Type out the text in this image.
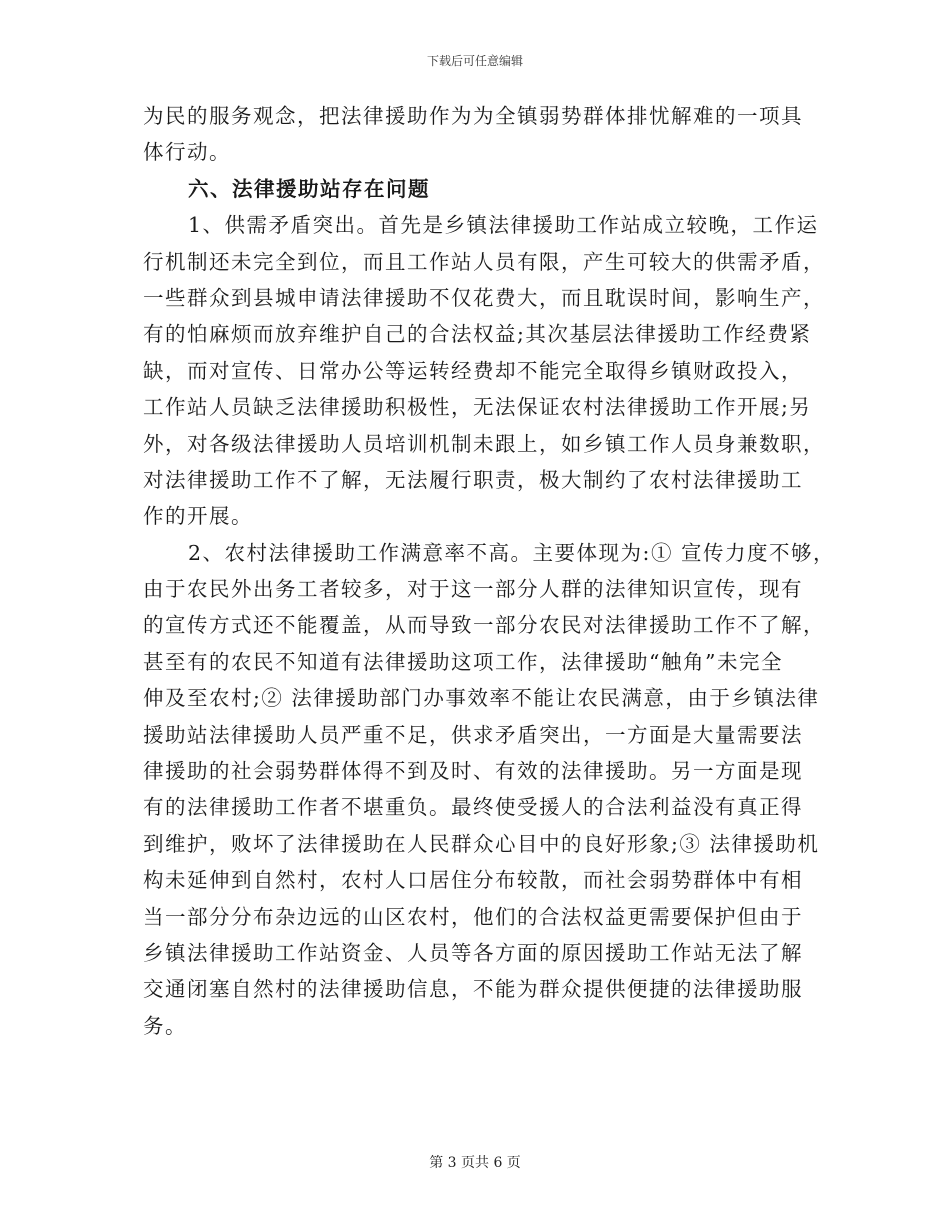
下载后可任意编辑
为民的服务观念，把法律援助作为为全镇弱势群体排忧解难的一项具
体行动。
六、法律援助站存在问题
1、供需矛盾突出。首先是乡镇法律援助工作站成立较晚，工作运
行机制还未完全到位，而且工作站人员有限，产生可较大的供需矛盾，
一些群众到县城申请法律援助不仅花费大，而且耽误时间，影响生产，
有的怕麻烦而放弃维护自己的合法权益;其次基层法律援助工作经费紧
缺，而对宣传、日常办公等运转经费却不能完全取得乡镇财政投入，
工作站人员缺乏法律援助积极性，无法保证农村法律援助工作开展;另
外，对各级法律援助人员培训机制未跟上，如乡镇工作人员身兼数职，
对法律援助工作不了解，无法履行职责，极大制约了农村法律援助工
作的开展。
2、农村法律援助工作满意率不高。主要体现为:① 宣传力度不够，
由于农民外出务工者较多，对于这一部分人群的法律知识宣传，现有
的宣传方式还不能覆盖，从而导致一部分农民对法律援助工作不了解，
甚至有的农民不知道有法律援助这项工作，法律援助“触角”未完全
伸及至农村;② 法律援助部门办事效率不能让农民满意，由于乡镇法律
援助站法律援助人员严重不足，供求矛盾突出，一方面是大量需要法
律援助的社会弱势群体得不到及时、有效的法律援助。另一方面是现
有的法律援助工作者不堪重负。最终使受援人的合法利益没有真正得
到维护，败坏了法律援助在人民群众心目中的良好形象;③ 法律援助机
构未延伸到自然村，农村人口居住分布较散，而社会弱势群体中有相
当一部分分布杂边远的山区农村，他们的合法权益更需要保护但由于
乡镇法律援助工作站资金、人员等各方面的原因援助工作站无法了解
交通闭塞自然村的法律援助信息，不能为群众提供便捷的法律援助服
务。
第 3 页共 6 页
